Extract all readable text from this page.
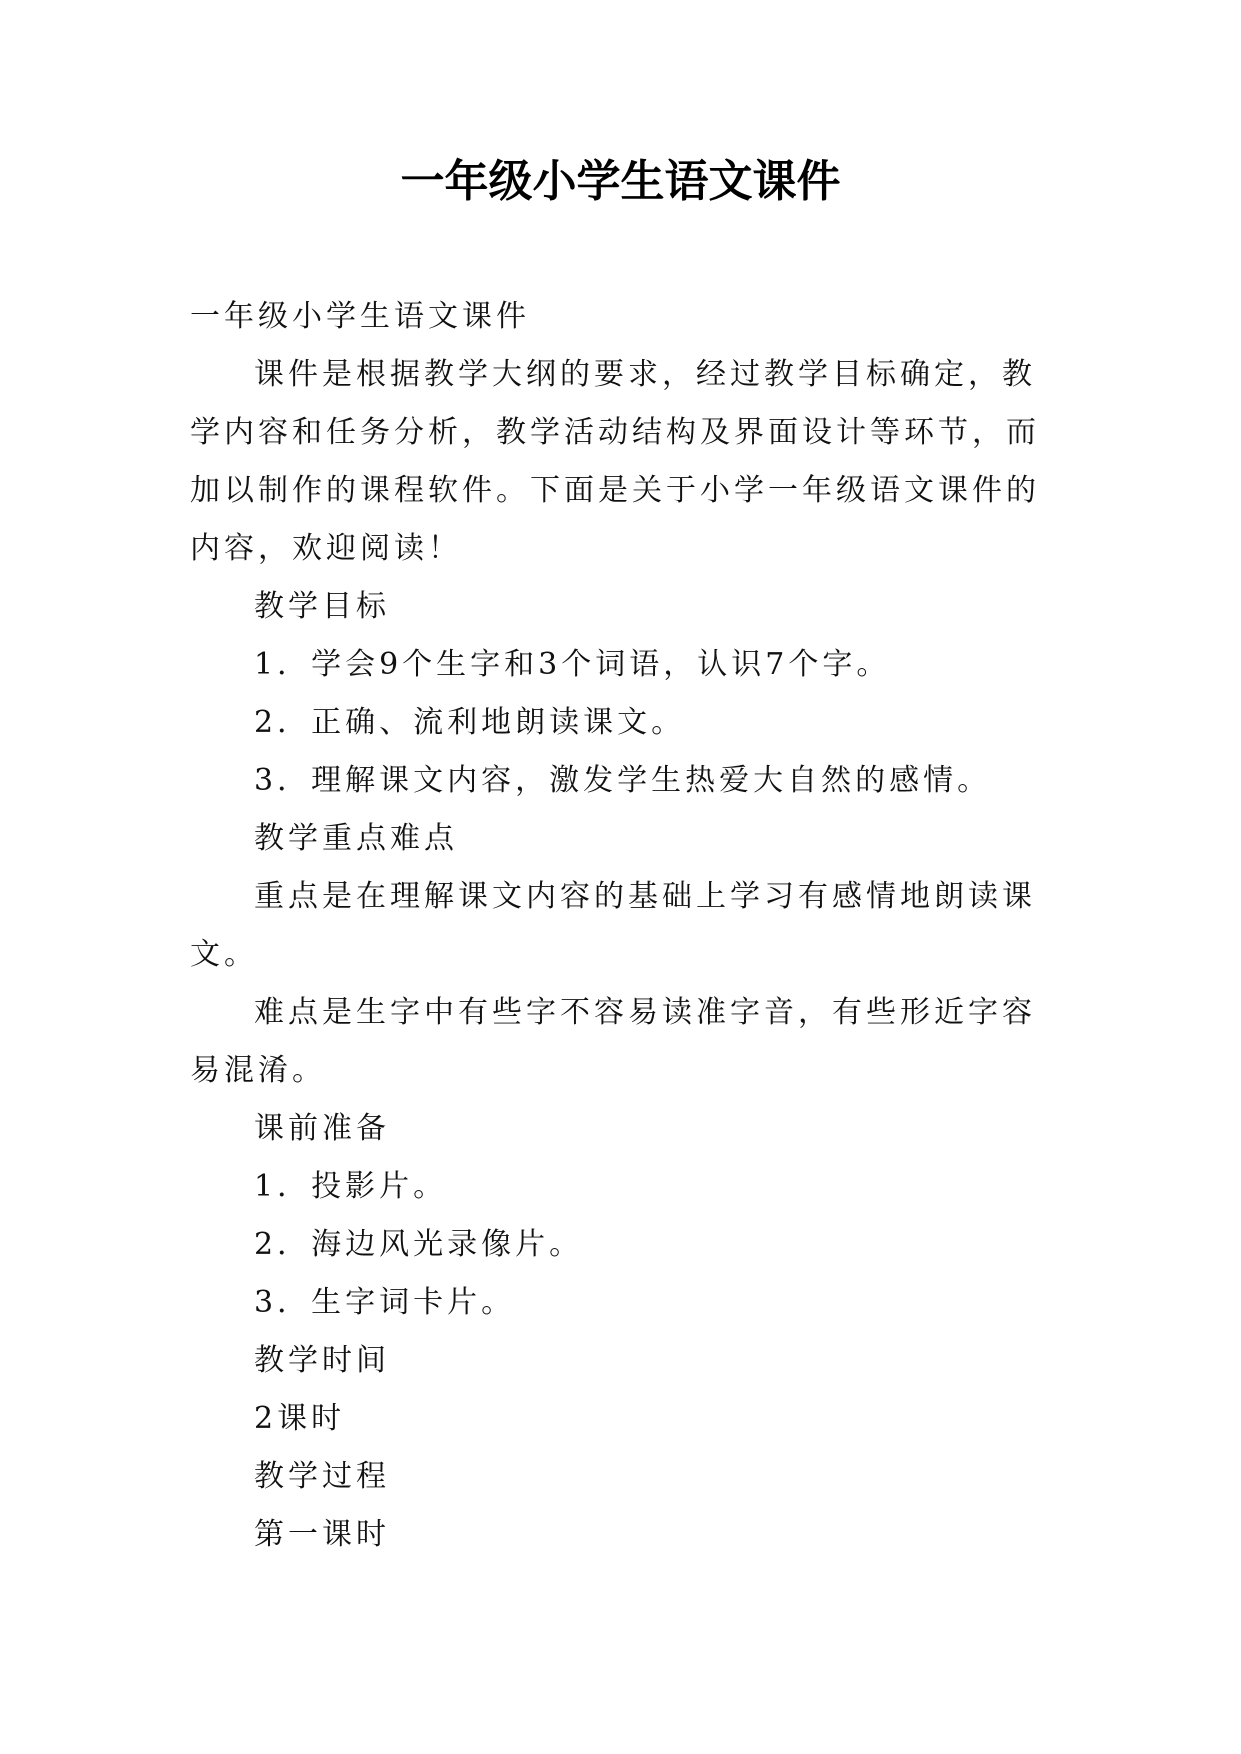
一年级小学生语文课件

一年级小学生语文课件

课件是根据教学大纲的要求，经过教学目标确定，教学内容和任务分析，教学活动结构及界面设计等环节，而加以制作的课程软件。下面是关于小学一年级语文课件的内容，欢迎阅读！

教学目标

1．学会9个生字和3个词语，认识7个字。

2．正确、流利地朗读课文。

3．理解课文内容，激发学生热爱大自然的感情。

教学重点难点

重点是在理解课文内容的基础上学习有感情地朗读课文。

难点是生字中有些字不容易读准字音，有些形近字容易混淆。

课前准备

1．投影片。

2．海边风光录像片。

3．生字词卡片。

教学时间

2课时

教学过程

第一课时
